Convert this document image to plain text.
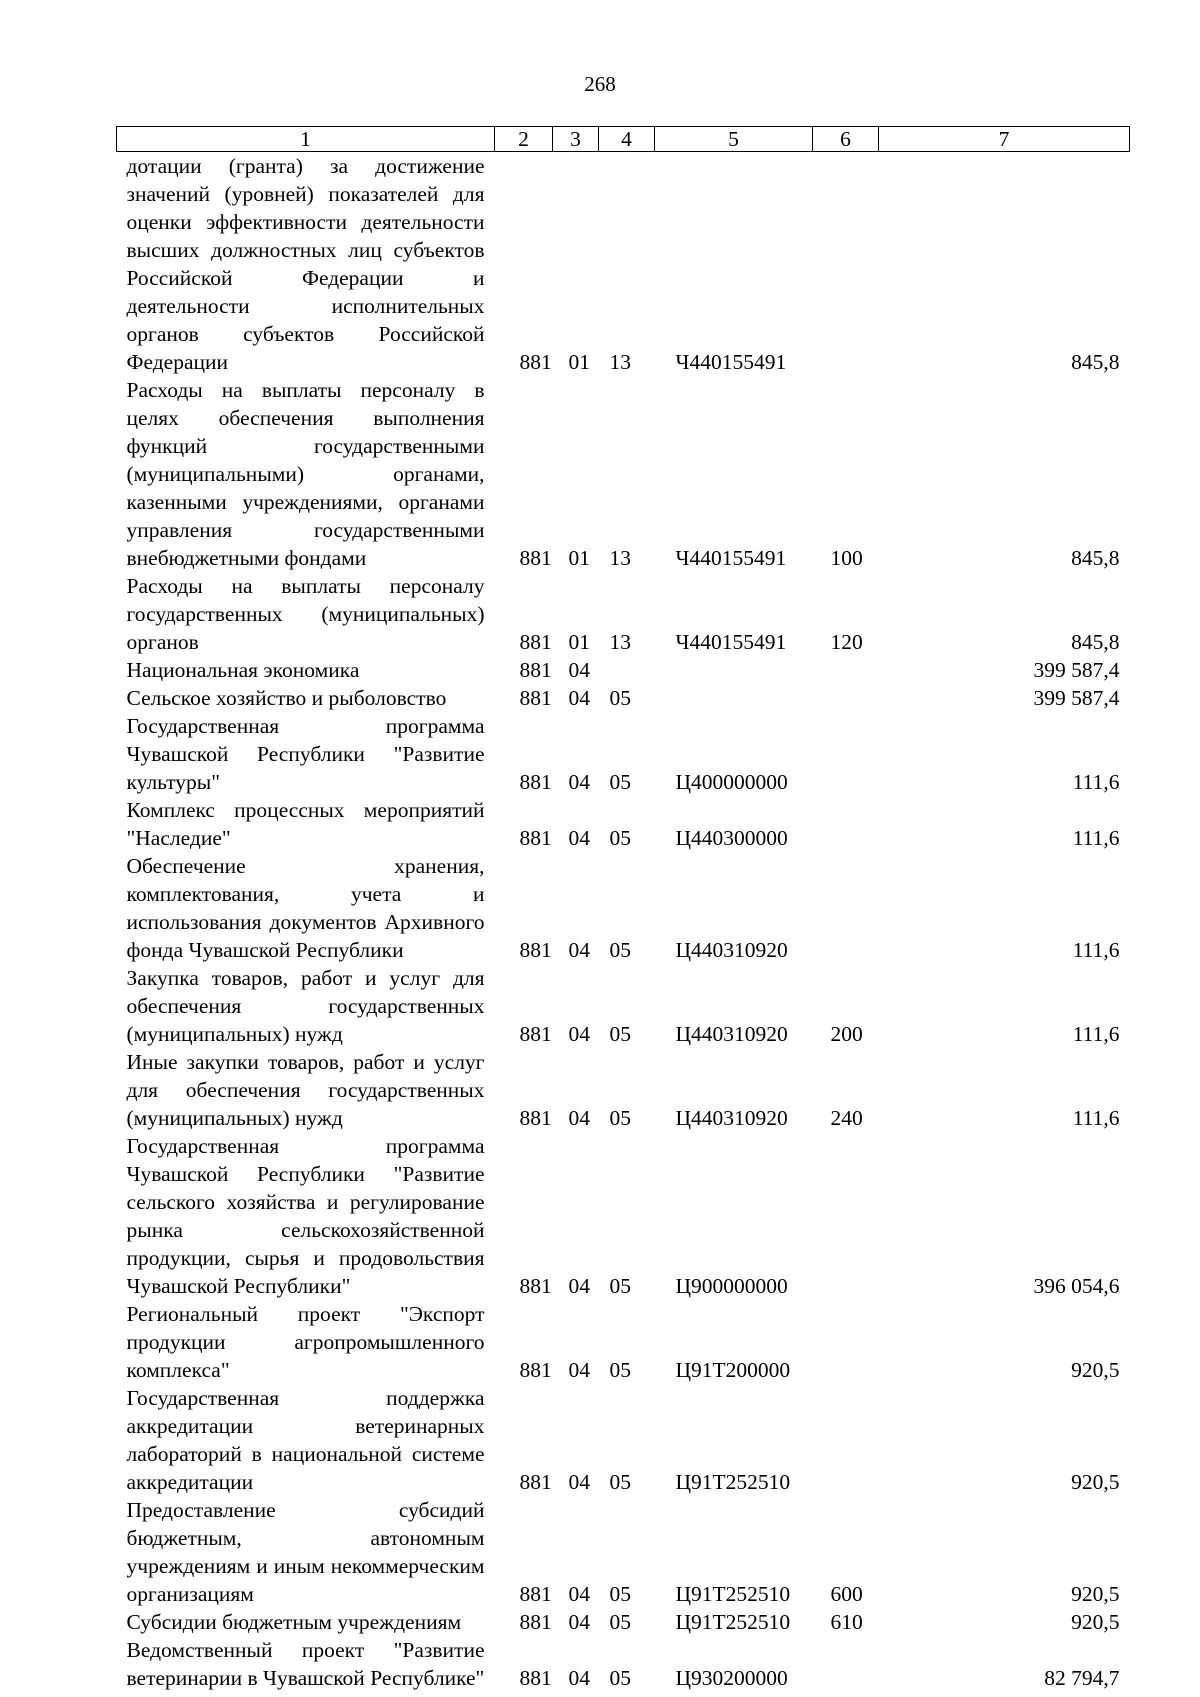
268
1	2	3	4	5	6	7
дотации (гранта) за достижение значений (уровней) показателей для оценки эффективности деятельности высших должностных лиц субъектов Российской Федерации и деятельности исполнительных органов субъектов Российской Федерации	881	01	13	Ч440155491		845,8
Расходы на выплаты персоналу в целях обеспечения выполнения функций государственными (муниципальными) органами, казенными учреждениями, органами управления государственными внебюджетными фондами	881	01	13	Ч440155491	100	845,8
Расходы на выплаты персоналу государственных (муниципальных) органов	881	01	13	Ч440155491	120	845,8
Национальная экономика	881	04				399 587,4
Сельское хозяйство и рыболовство	881	04	05			399 587,4
Государственная программа Чувашской Республики "Развитие культуры"	881	04	05	Ц400000000		111,6
Комплекс процессных мероприятий "Наследие"	881	04	05	Ц440300000		111,6
Обеспечение хранения, комплектования, учета и использования документов Архивного фонда Чувашской Республики	881	04	05	Ц440310920		111,6
Закупка товаров, работ и услуг для обеспечения государственных (муниципальных) нужд	881	04	05	Ц440310920	200	111,6
Иные закупки товаров, работ и услуг для обеспечения государственных (муниципальных) нужд	881	04	05	Ц440310920	240	111,6
Государственная программа Чувашской Республики "Развитие сельского хозяйства и регулирование рынка сельскохозяйственной продукции, сырья и продовольствия Чувашской Республики"	881	04	05	Ц900000000		396 054,6
Региональный проект "Экспорт продукции агропромышленного комплекса"	881	04	05	Ц91Т200000		920,5
Государственная поддержка аккредитации ветеринарных лабораторий в национальной системе аккредитации	881	04	05	Ц91Т252510		920,5
Предоставление субсидий бюджетным, автономным учреждениям и иным некоммерческим организациям	881	04	05	Ц91Т252510	600	920,5
Субсидии бюджетным учреждениям	881	04	05	Ц91Т252510	610	920,5
Ведомственный проект "Развитие ветеринарии в Чувашской Республике"	881	04	05	Ц930200000		82 794,7
